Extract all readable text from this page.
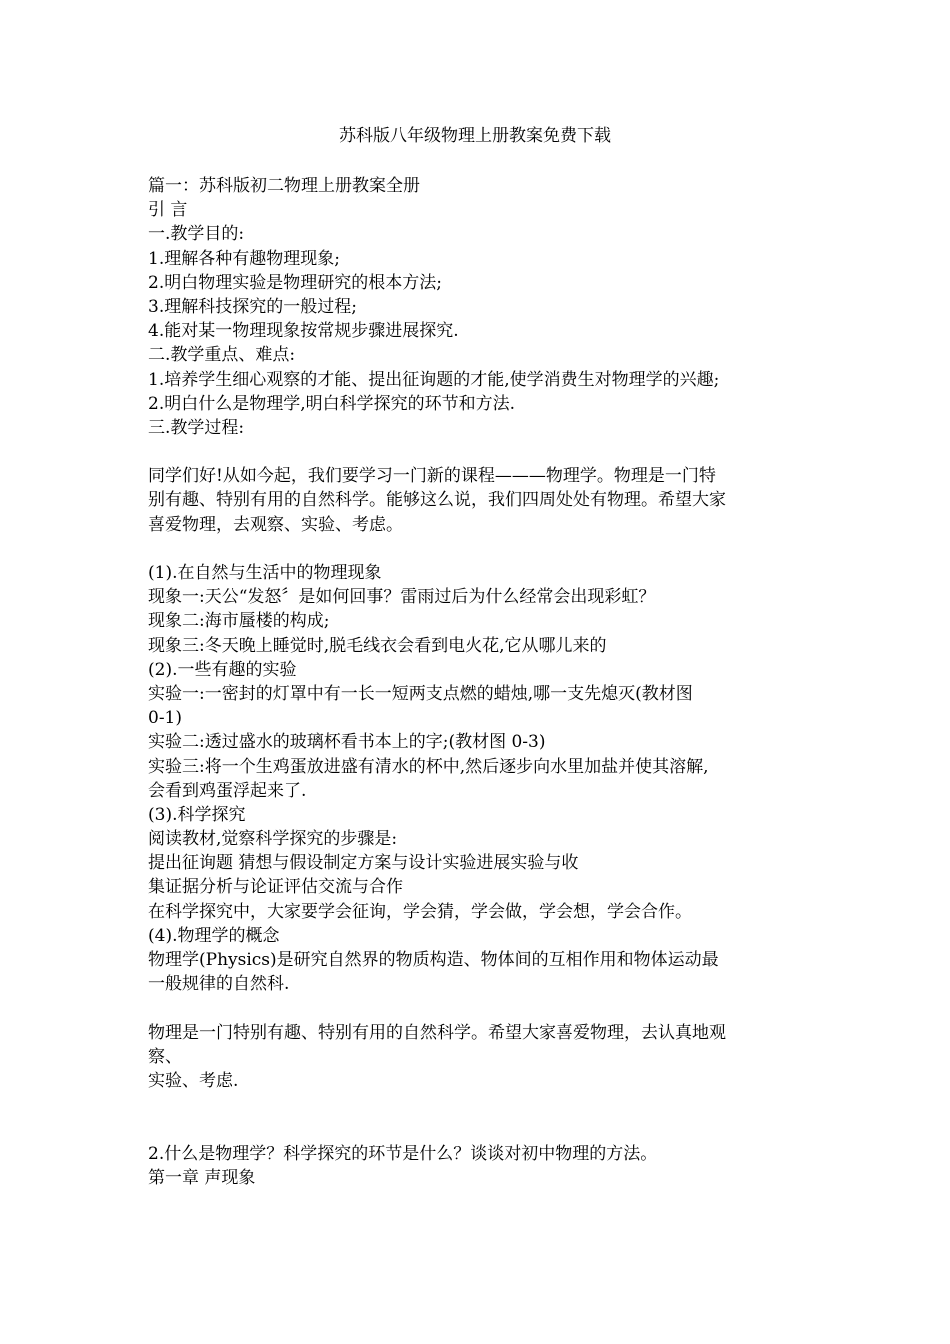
苏科版八年级物理上册教案免费下载
篇一：苏科版初二物理上册教案全册
引 言
一.教学目的:
1.理解各种有趣物理现象;
2.明白物理实验是物理研究的根本方法;
3.理解科技探究的一般过程;
4.能对某一物理现象按常规步骤进展探究.
二.教学重点、难点:
1.培养学生细心观察的才能、提出征询题的才能,使学消费生对物理学的兴趣;
2.明白什么是物理学,明白科学探究的环节和方法.
三.教学过程:
同学们好!从如今起，我们要学习一门新的课程———物理学。物理是一门特
别有趣、特别有用的自然科学。能够这么说，我们四周处处有物理。希望大家
喜爱物理，去观察、实验、考虑。
(1).在自然与生活中的物理现象
现象一:天公“发怒〞是如何回事？雷雨过后为什么经常会出现彩虹？
现象二:海市蜃楼的构成;
现象三:冬天晚上睡觉时,脱毛线衣会看到电火花,它从哪儿来的
(2).一些有趣的实验
实验一:一密封的灯罩中有一长一短两支点燃的蜡烛,哪一支先熄灭(教材图
0-1)
实验二:透过盛水的玻璃杯看书本上的字;(教材图 0-3)
实验三:将一个生鸡蛋放进盛有清水的杯中,然后逐步向水里加盐并使其溶解,
会看到鸡蛋浮起来了.
(3).科学探究
阅读教材,觉察科学探究的步骤是:
提出征询题 猜想与假设制定方案与设计实验进展实验与收
集证据分析与论证评估交流与合作
在科学探究中，大家要学会征询，学会猜，学会做，学会想，学会合作。
(4).物理学的概念
物理学(Physics)是研究自然界的物质构造、物体间的互相作用和物体运动最
一般规律的自然科.
物理是一门特别有趣、特别有用的自然科学。希望大家喜爱物理，去认真地观
察、
实验、考虑.
2.什么是物理学？科学探究的环节是什么？谈谈对初中物理的方法。
第一章 声现象
